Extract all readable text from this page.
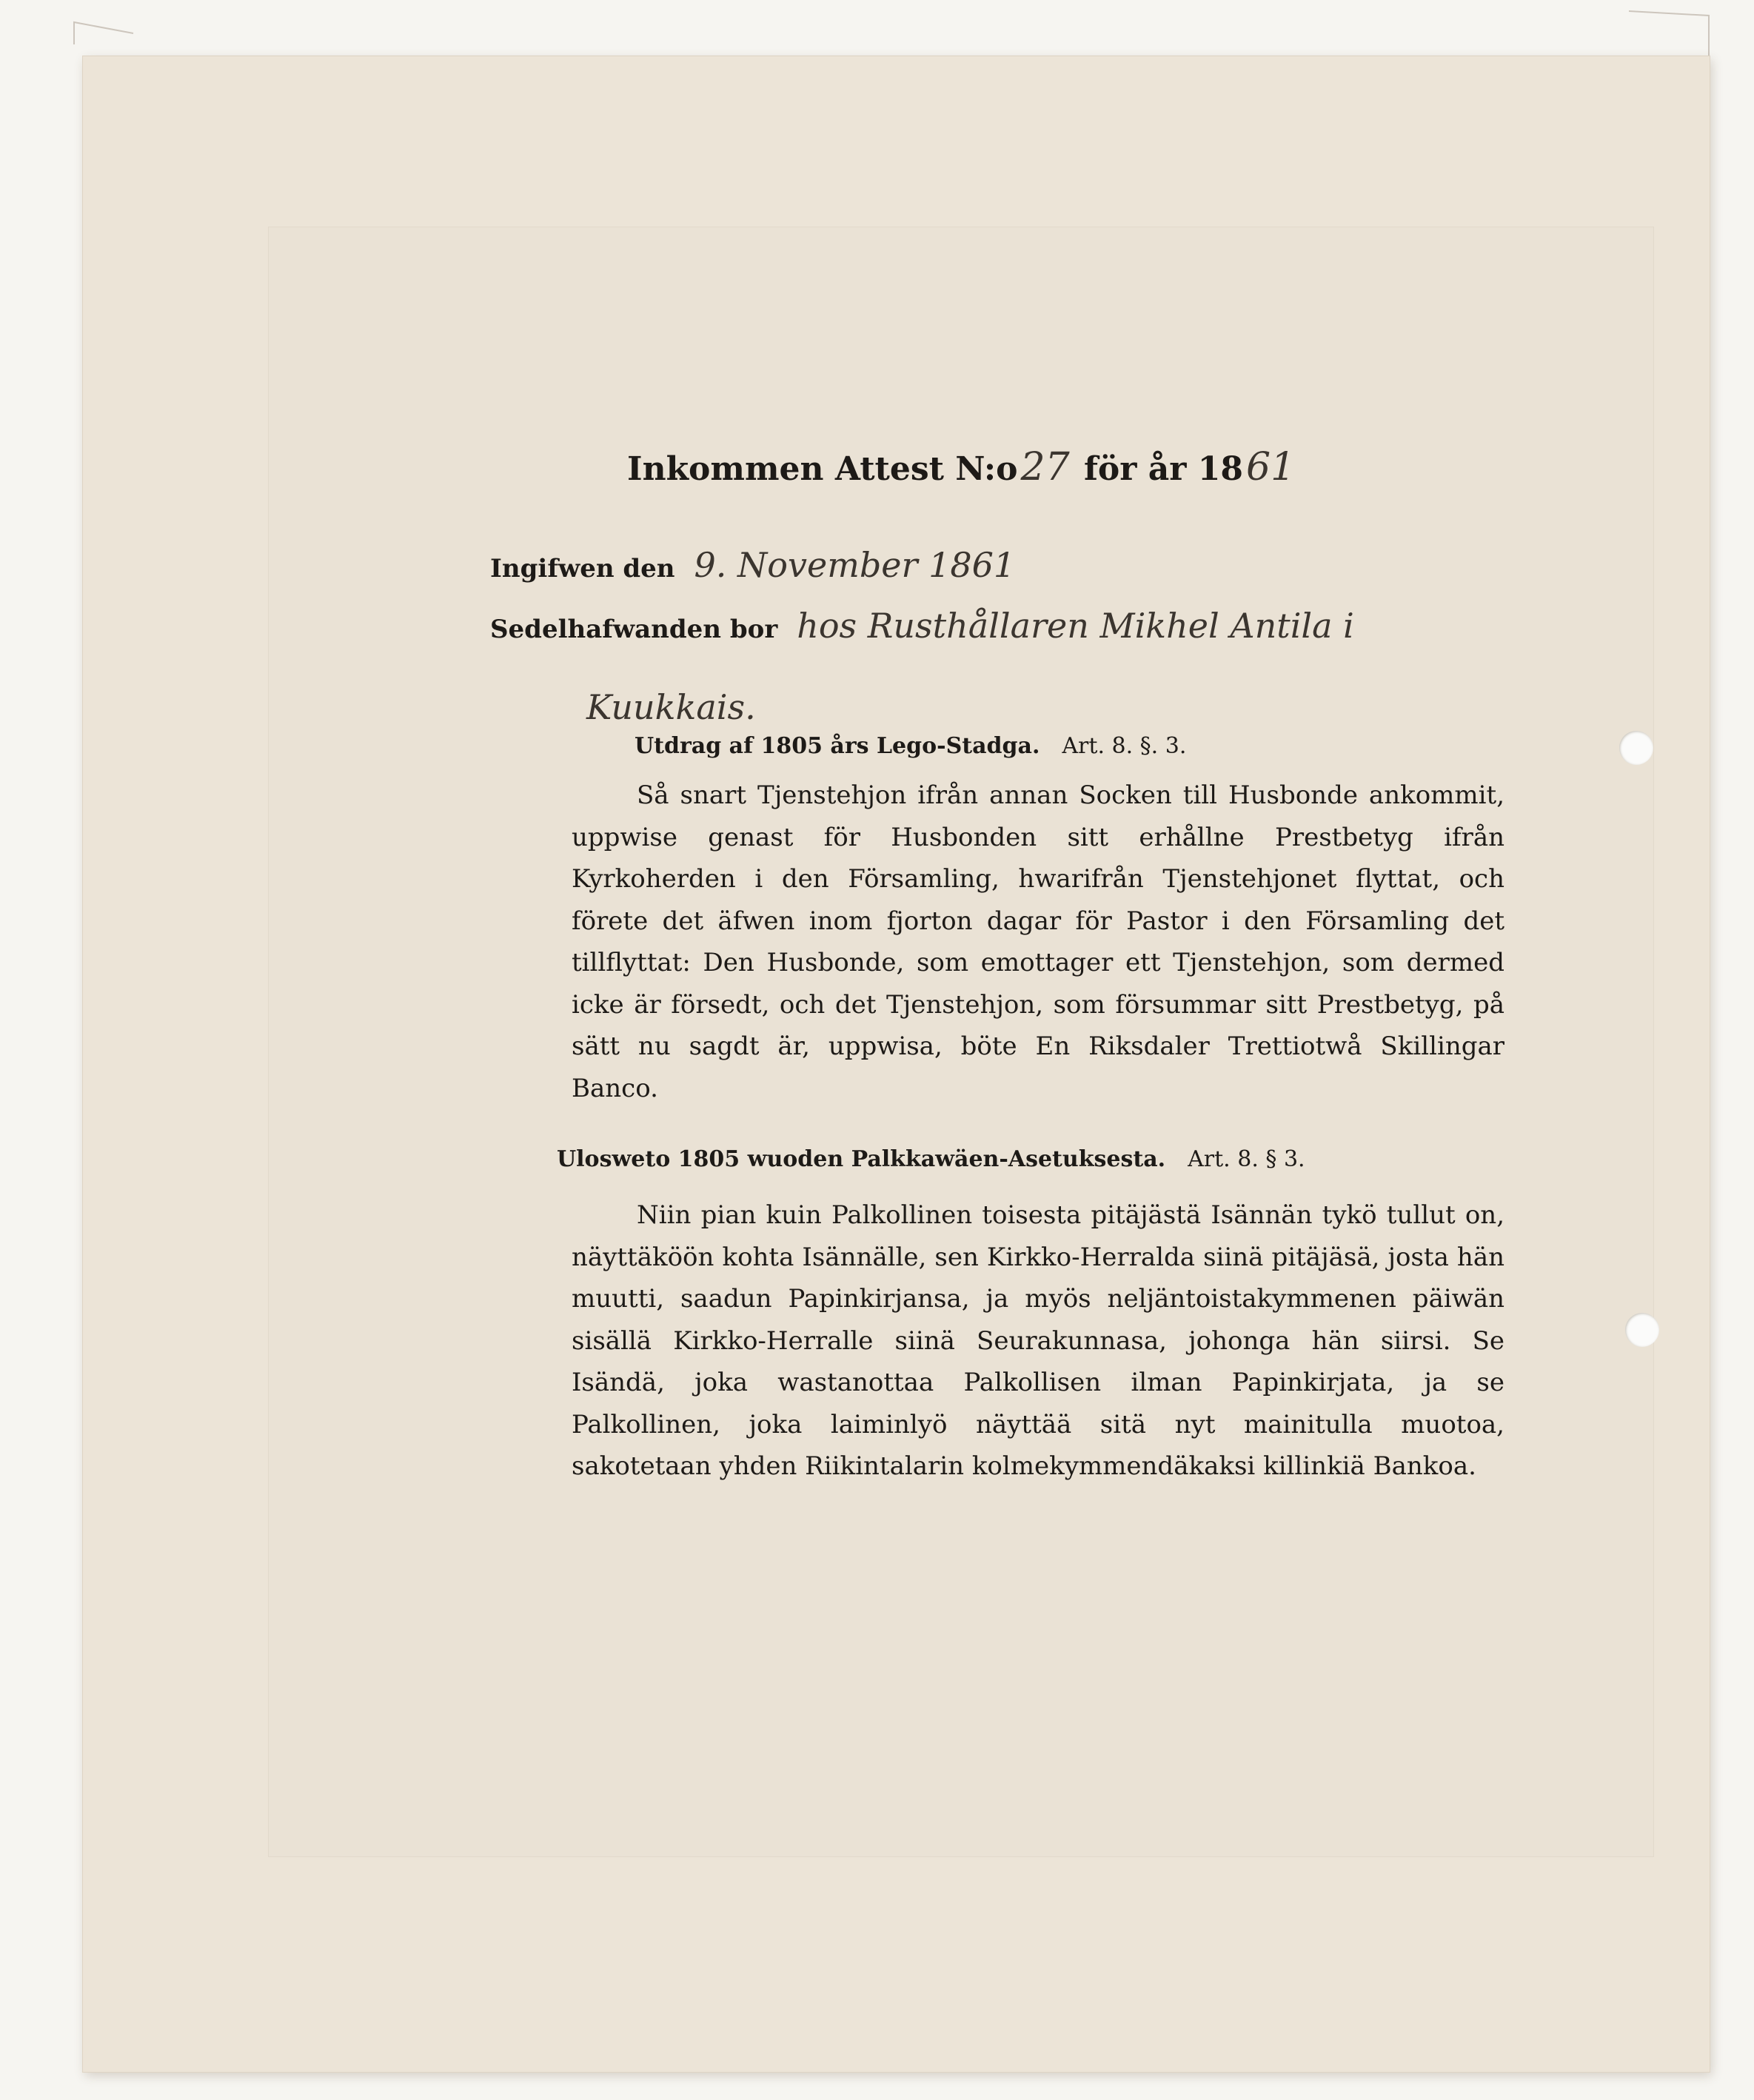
Inkommen Attest N:o27 för år 1861
Ingifwen den 9. November 1861
Sedelhafwanden bor hos Rusthållaren Mikhel Antila i
Kuukkais.
Utdrag af 1805 års Lego-Stadga. Art. 8. §. 3.

Så snart Tjenstehjon ifrån annan Socken till Husbonde ankommit, uppwise genast för Husbonden sitt erhållne Prestbetyg ifrån Kyrkoherden i den Församling, hwarifrån Tjenstehjonet flyttat, och förete det äfwen inom fjorton dagar för Pastor i den Församling det tillflyttat: Den Husbonde, som emottager ett Tjenstehjon, som dermed icke är försedt, och det Tjenstehjon, som försummar sitt Prestbetyg, på sätt nu sagdt är, uppwisa, böte En Riksdaler Trettiotwå Skillingar Banco.

Ulosweto 1805 wuoden Palkkawäen-Asetuksesta. Art. 8. § 3.

Niin pian kuin Palkollinen toisesta pitäjästä Isännän tykö tullut on, näyttäköön kohta Isännälle, sen Kirkko-Herralda siinä pitäjäsä, josta hän muutti, saadun Papinkirjansa, ja myös neljäntoistakymmenen päiwän sisällä Kirkko-Herralle siinä Seurakunnasa, johonga hän siirsi. Se Isändä, joka wastanottaa Palkollisen ilman Papinkirjata, ja se Palkollinen, joka laiminlyö näyttää sitä nyt mainitulla muotoa, sakotetaan yhden Riikintalarin kolmekymmendäkaksi killinkiä Bankoa.
